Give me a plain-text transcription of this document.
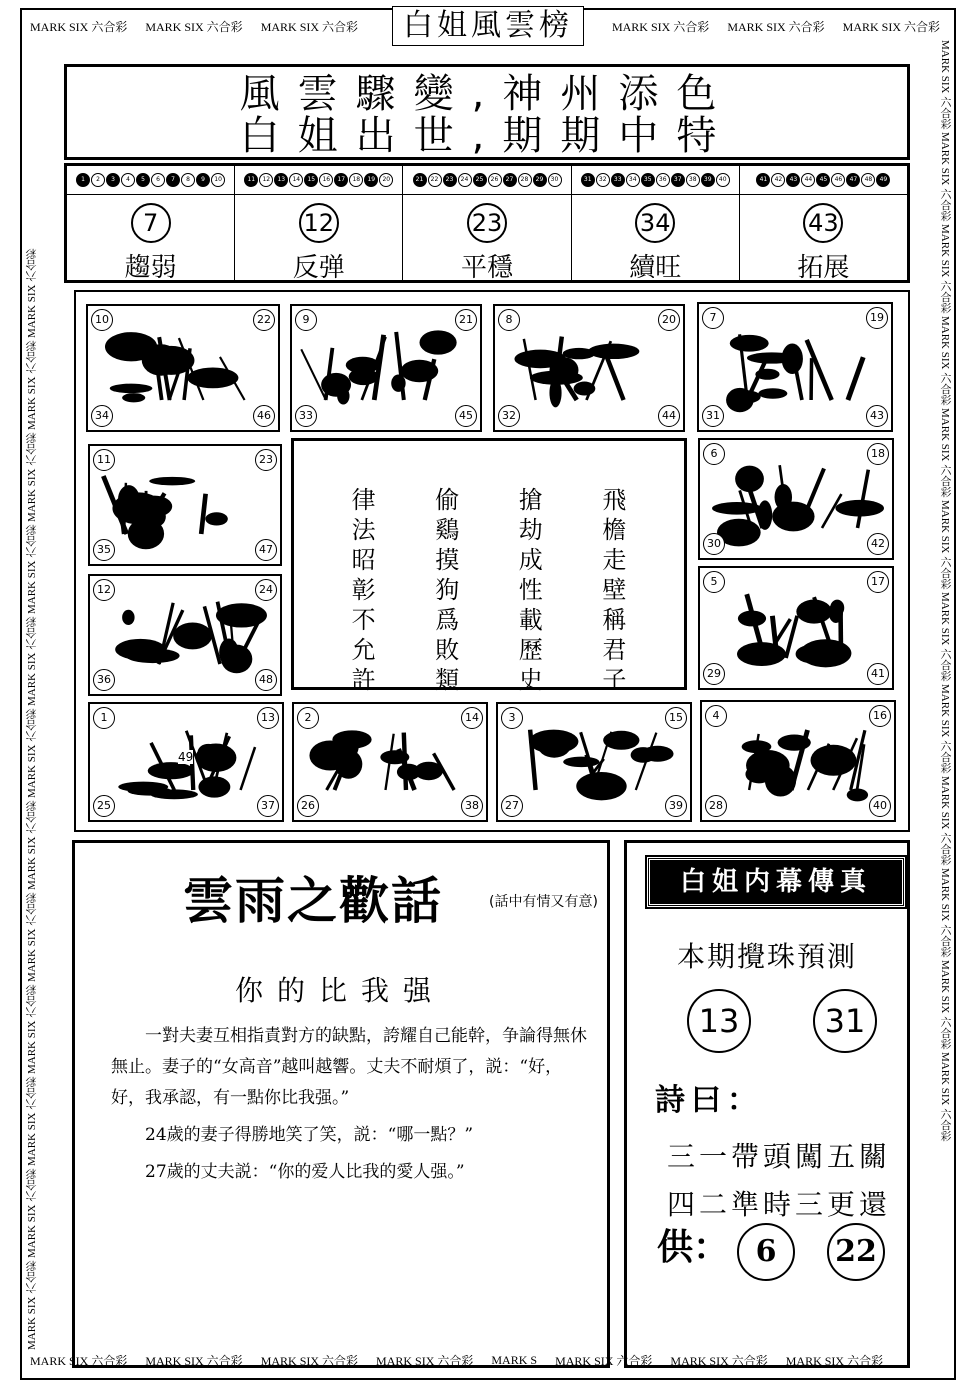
MARK SIX 六合彩 MARK SIX 六合彩 MARK SIX 六合彩	MARK SIX 六合彩 MARK SIX 六合彩 MARK SIX 六合彩
MARK SIX 六合彩 MARK SIX 六合彩 MARK SIX 六合彩 MARK SIX 六合彩 MARK S MARK SIX 六合彩 MARK SIX 六合彩 MARK SIX 六合彩
MARK SIX 六合彩 MARK SIX 六合彩 MARK SIX 六合彩 MARK SIX 六合彩 MARK SIX 六合彩 MARK SIX 六合彩 MARK SIX 六合彩 MARK SIX 六合彩 MARK SIX 六合彩 MARK SIX 六合彩 MARK SIX 六合彩 MARK SIX 六合彩
MARK SIX 六合彩 MARK SIX 六合彩 MARK SIX 六合彩 MARK SIX 六合彩 MARK SIX 六合彩 MARK SIX 六合彩 MARK SIX 六合彩 MARK SIX 六合彩 MARK SIX 六合彩 MARK SIX 六合彩 MARK SIX 六合彩 MARK SIX 六合彩
白姐風雲榜
風雲驟變,神州添色
白姐出世,期期中特
1	2	3	4	5	6	7	8	9	10
7
趨弱
11	12	13	14	15	16	17	18	19	20
12
反弹
21	22	23	24	25	26	27	28	29	30
23
平穩
31	32	33	34	35	36	37	38	39	40
34
續旺
41	42	43	44	45	46	47	48	49
43
拓展
10	22
34	46
9	21
33	45
8	20
32	44
7	19
31	43
11	23
35	47
6	18
30	42
12	24
36	48
5	17
29	41
1	13
25	37
49
2	14
26	38
3	15
27	39
4	16
28	40
律法昭彰不允許
偷鷄摸狗爲敗類
搶劫成性載歷史
飛檐走壁稱君子
雲雨之歡話	(話中有情又有意)
你的比我强

一對夫妻互相指責對方的缺點，誇耀自己能幹，争論得無休無止。妻子的“女高音”越叫越響。丈夫不耐煩了，説：“好，好，我承認，有一點你比我强。”

24歲的妻子得勝地笑了笑，説：“哪一點？”

27歲的丈夫説：“你的爱人比我的愛人强。”

白姐内幕傳真
本期攪珠預測
13	31
詩曰：
三一帶頭闖五關
四二準時三更還
供： 6	22
